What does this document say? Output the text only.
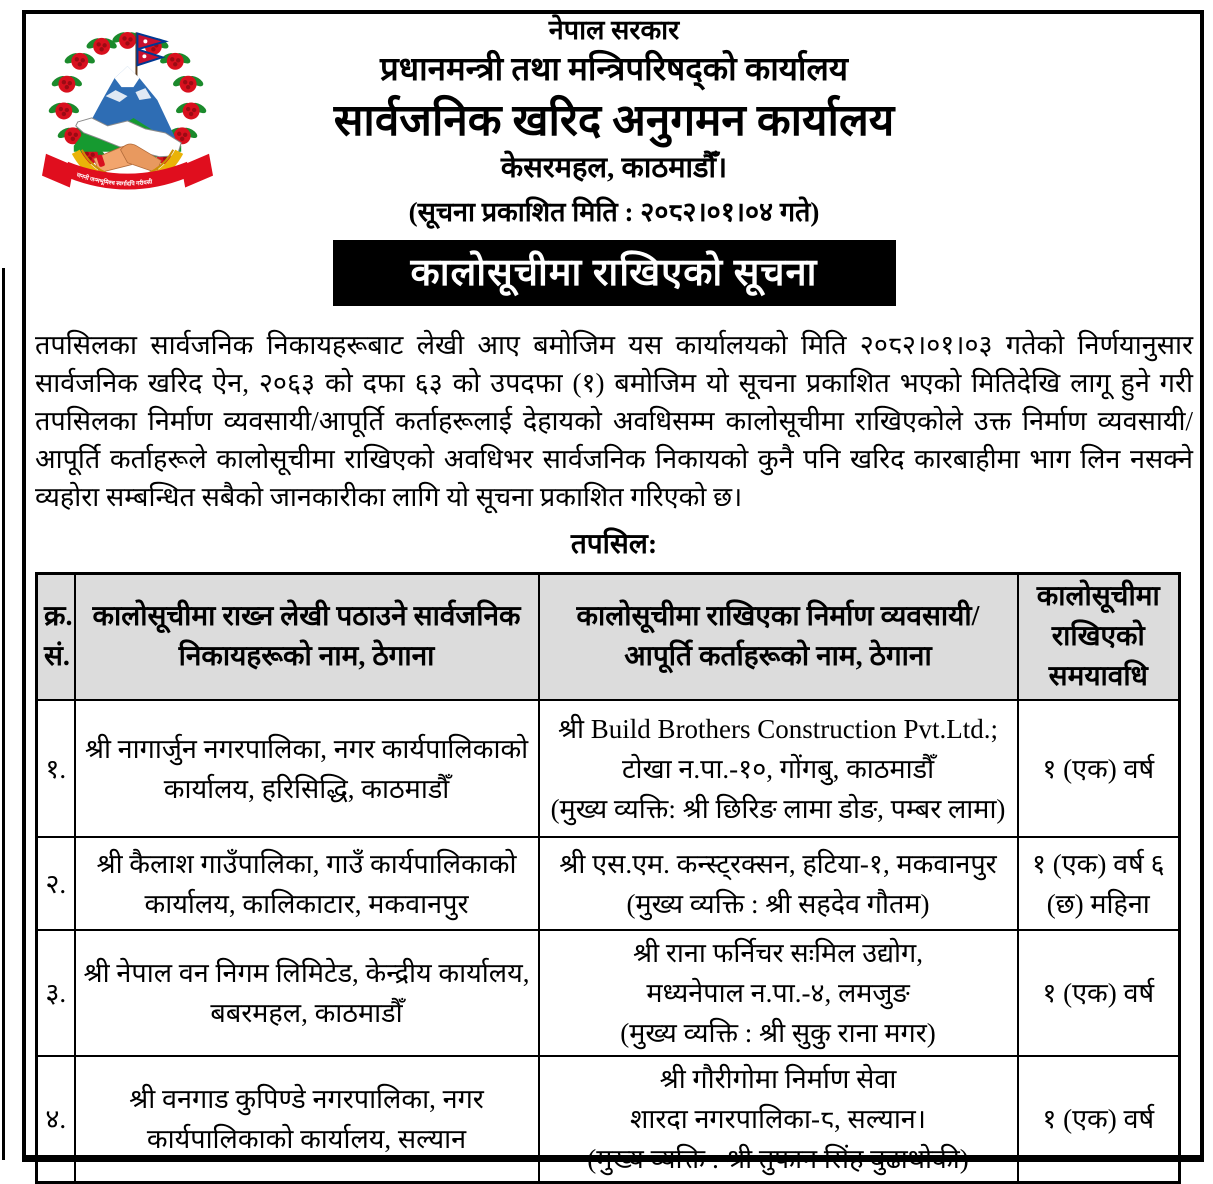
जननी जन्मभूमिश्च स्वर्गादपि गरीयसी
नेपाल सरकार
प्रधानमन्त्री तथा मन्त्रिपरिषद्को कार्यालय
सार्वजनिक खरिद अनुगमन कार्यालय
केसरमहल, काठमाडौँ।
(सूचना प्रकाशित मिति : २०८२।०१।०४ गते)
कालोसूचीमा राखिएको सूचना
तपसिलका सार्वजनिक निकायहरूबाट लेखी आए बमोजिम यस कार्यालयको मिति २०८२।०१।०३ गतेको निर्णयानुसार सार्वजनिक खरिद ऐन, २०६३ को दफा ६३ को उपदफा (१) बमोजिम यो सूचना प्रकाशित भएको मितिदेखि लागू हुने गरी तपसिलका निर्माण व्यवसायी/आपूर्ति कर्ताहरूलाई देहायको अवधिसम्म कालोसूचीमा राखिएकोले उक्त निर्माण व्यवसायी/आपूर्ति कर्ताहरूले कालोसूचीमा राखिएको अवधिभर सार्वजनिक निकायको कुनै पनि खरिद कारबाहीमा भाग लिन नसक्ने व्यहोरा सम्बन्धित सबैको जानकारीका लागि यो सूचना प्रकाशित गरिएको छ।
तपसिल:
क्र.
सं.	कालोसूचीमा राख्न लेखी पठाउने सार्वजनिक निकायहरूको नाम, ठेगाना	कालोसूचीमा राखिएका निर्माण व्यवसायी/ आपूर्ति कर्ताहरूको नाम, ठेगाना	कालोसूचीमा राखिएको समयावधि
१.	श्री नागार्जुन नगरपालिका, नगर कार्यपालिकाको कार्यालय, हरिसिद्धि, काठमाडौँ	श्री Build Brothers Construction Pvt.Ltd.;
टोखा न.पा.-१०, गोंगबु, काठमाडौँ
(मुख्य व्यक्ति: श्री छिरिङ लामा डोङ, पम्बर लामा)	१ (एक) वर्ष
२.	श्री कैलाश गाउँपालिका, गाउँ कार्यपालिकाको कार्यालय, कालिकाटार, मकवानपुर	श्री एस.एम. कन्स्ट्रक्सन, हटिया-१, मकवानपुर
(मुख्य व्यक्ति : श्री सहदेव गौतम)	१ (एक) वर्ष ६ (छ) महिना
३.	श्री नेपाल वन निगम लिमिटेड, केन्द्रीय कार्यालय, बबरमहल, काठमाडौँ	श्री राना फर्निचर सःमिल उद्योग,
मध्यनेपाल न.पा.-४, लमजुङ
(मुख्य व्यक्ति : श्री सुकु राना मगर)	१ (एक) वर्ष
४.	श्री वनगाड कुपिण्डे नगरपालिका, नगर कार्यपालिकाको कार्यालय, सल्यान	श्री गौरीगोमा निर्माण सेवा
शारदा नगरपालिका-८, सल्यान।
(मुख्य व्यक्ति : श्री तुफान सिंह बुढाथोकी)	१ (एक) वर्ष
